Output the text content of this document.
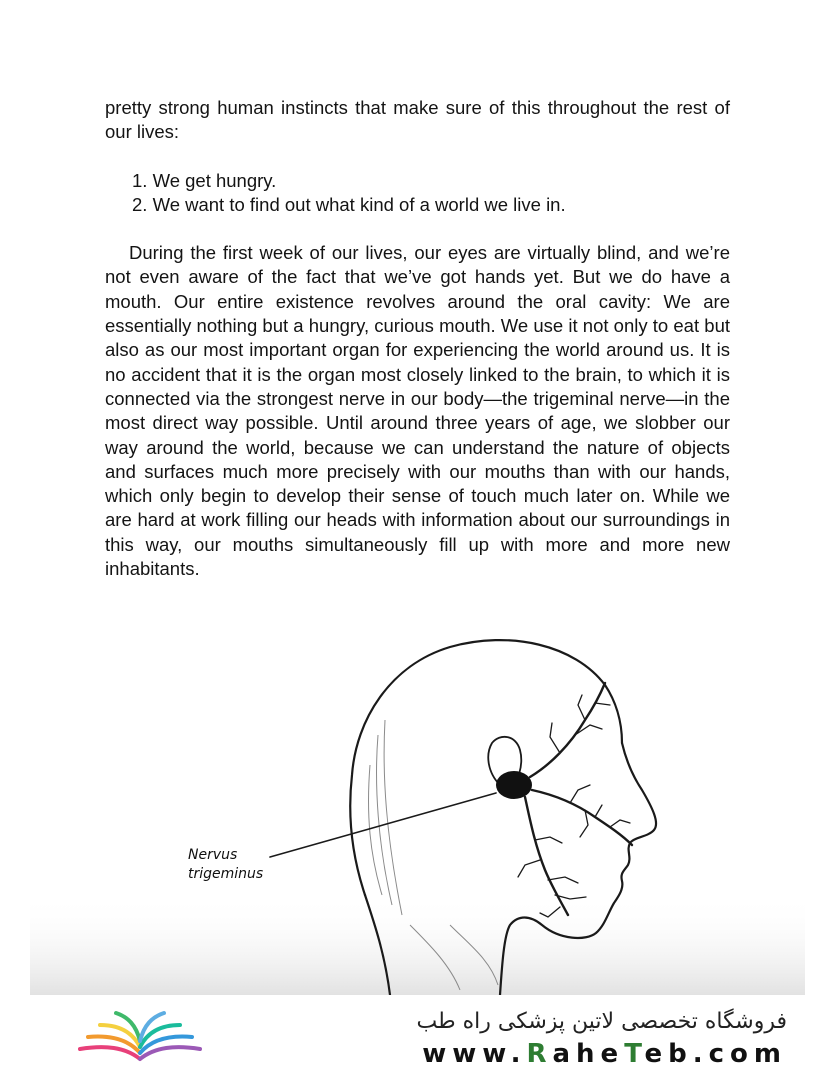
pretty strong human instincts that make sure of this throughout the rest of our lives:

1. We get hungry.
2. We want to find out what kind of a world we live in.

During the first week of our lives, our eyes are virtually blind, and we’re not even aware of the fact that we’ve got hands yet. But we do have a mouth. Our entire existence revolves around the oral cavity: We are essentially nothing but a hungry, curious mouth. We use it not only to eat but also as our most important organ for experiencing the world around us. It is no accident that it is the organ most closely linked to the brain, to which it is connected via the strongest nerve in our body—the trigeminal nerve—in the most direct way possible. Until around three years of age, we slobber our way around the world, because we can understand the nature of objects and surfaces much more precisely with our mouths than with our hands, which only begin to develop their sense of touch much later on. While we are hard at work filling our heads with information about our surroundings in this way, our mouths simultaneously fill up with more and more new inhabitants.

Nervus
trigeminus
فروشگاه تخصصی لاتین پزشکی راه طب
www.RaheTeb.com
